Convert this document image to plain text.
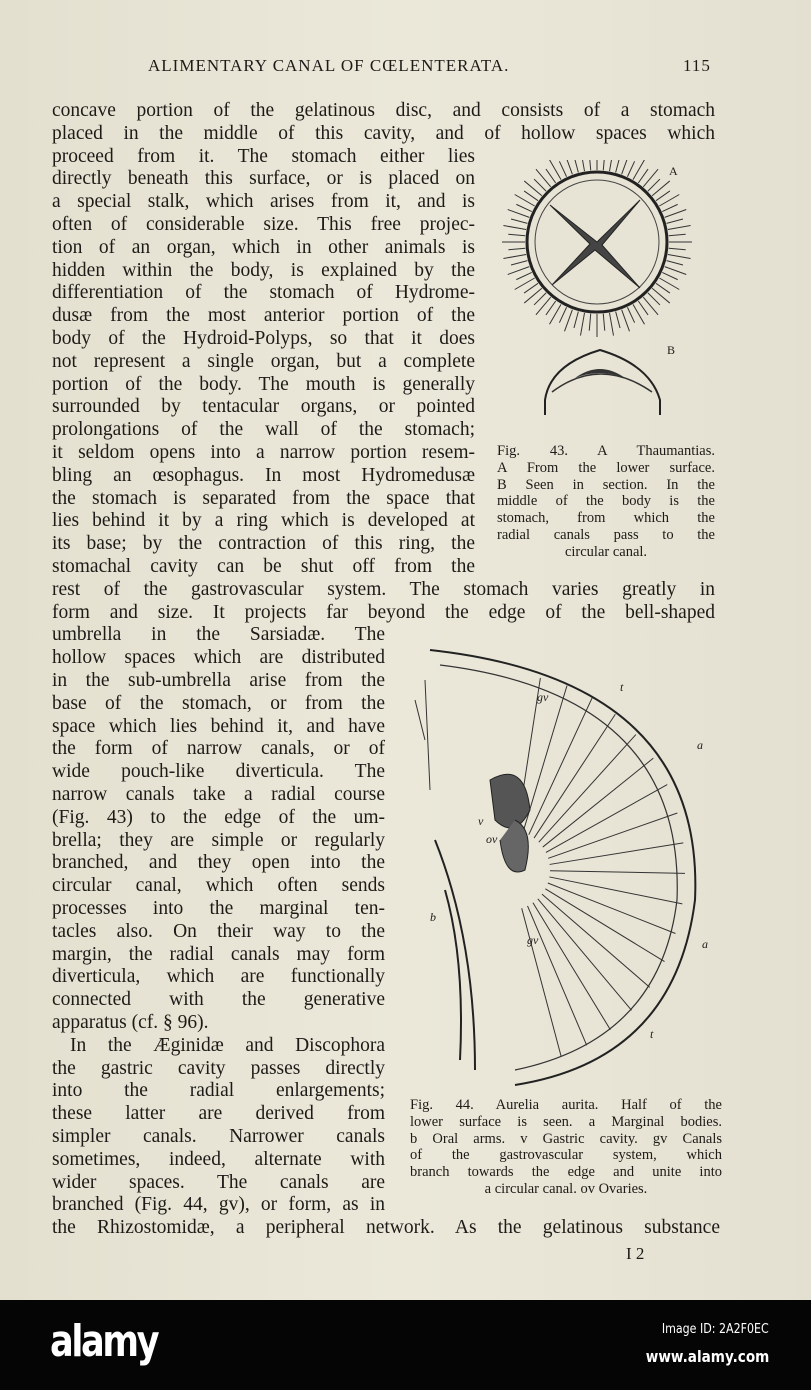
ALIMENTARY CANAL OF CŒLENTERATA.	115
concave portion of the gelatinous disc, and consists of a stomach
placed in the middle of this cavity, and of hollow spaces which
proceed from it. The stomach either lies
directly beneath this surface, or is placed on
a special stalk, which arises from it, and is
often of considerable size. This free projec-
tion of an organ, which in other animals is
hidden within the body, is explained by the
differentiation of the stomach of Hydrome-
dusæ from the most anterior portion of the
body of the Hydroid-Polyps, so that it does
not represent a single organ, but a complete
portion of the body. The mouth is generally
surrounded by tentacular organs, or pointed
prolongations of the wall of the stomach;
it seldom opens into a narrow portion resem-
bling an œsophagus. In most Hydromedusæ
the stomach is separated from the space that
lies behind it by a ring which is developed at
its base; by the contraction of this ring, the
stomachal cavity can be shut off from the
rest of the gastrovascular system. The stomach varies greatly in
form and size. It projects far beyond the edge of the bell-shaped
umbrella in the Sarsiadæ. The
hollow spaces which are distributed
in the sub-umbrella arise from the
base of the stomach, or from the
space which lies behind it, and have
the form of narrow canals, or of
wide pouch-like diverticula. The
narrow canals take a radial course
(Fig. 43) to the edge of the um-
brella; they are simple or regularly
branched, and they open into the
circular canal, which often sends
processes into the marginal ten-
tacles also. On their way to the
margin, the radial canals may form
diverticula, which are functionally
connected with the generative
apparatus (cf. § 96).
In the Æginidæ and Discophora
the gastric cavity passes directly
into the radial enlargements;
these latter are derived from
simpler canals. Narrower canals
sometimes, indeed, alternate with
wider spaces. The canals are
branched (Fig. 44, gv), or form, as in
the Rhizostomidæ, a peripheral network. As the gelatinous substance
I 2
A
B
Fig. 43. A Thaumantias.
A From the lower surface.
B Seen in section. In the
middle of the body is the
stomach, from which the
radial canals pass to the
circular canal.
t
a
gv
v
ov
b
gv	a
t
Fig. 44. Aurelia aurita. Half of the
lower surface is seen. a Marginal bodies.
b Oral arms. v Gastric cavity. gv Canals
of the gastrovascular system, which
branch towards the edge and unite into
a circular canal. ov Ovaries.
alamy	Image ID: 2A2F0EC
www.alamy.com
